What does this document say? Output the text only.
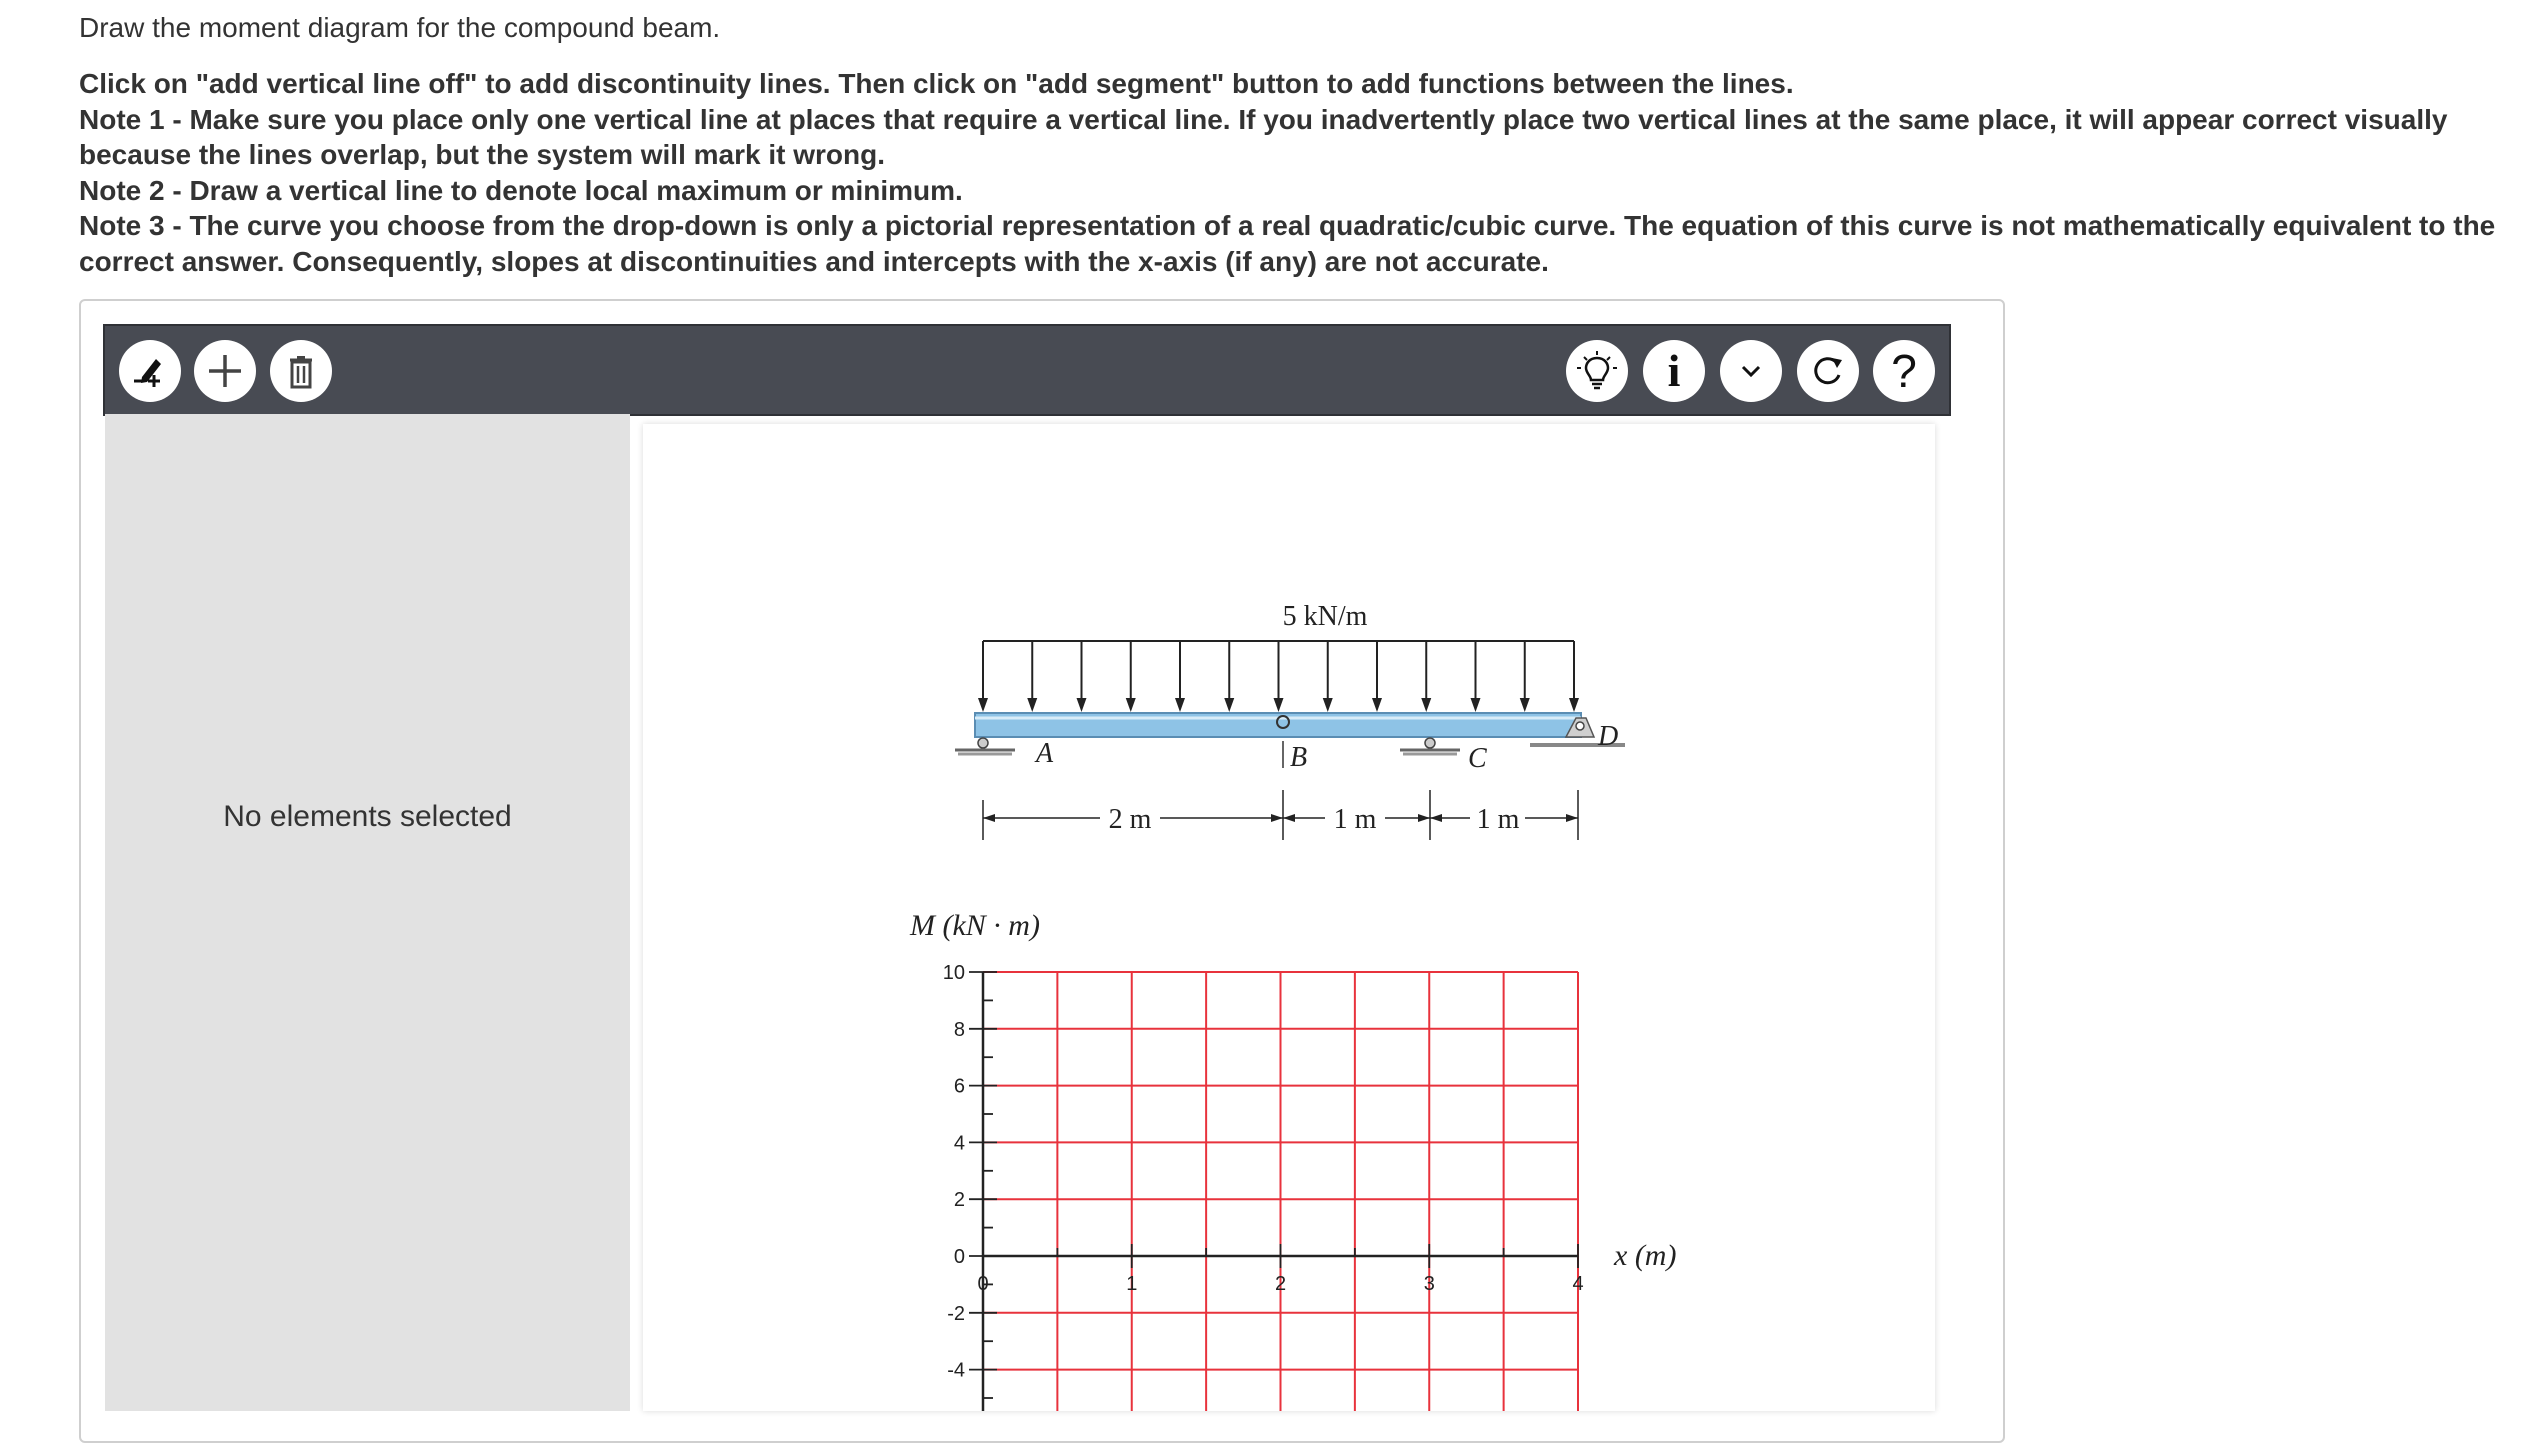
Draw the moment diagram for the compound beam.

Click on "add vertical line off" to add discontinuity lines. Then click on "add segment" button to add functions between the lines.

Note 1 - Make sure you place only one vertical line at places that require a vertical line. If you inadvertently place two vertical lines at the same place, it will appear correct visually because the lines overlap, but the system will mark it wrong.

Note 2 - Draw a vertical line to denote local maximum or minimum.

Note 3 - The curve you choose from the drop-down is only a pictorial representation of a real quadratic/cubic curve. The equation of this curve is not mathematically equivalent to the correct answer. Consequently, slopes at discontinuities and intercepts with the x-axis (if any) are not accurate.

i	?
No elements selected
5 kN/m
A	B	C
D
2 m	1 m	1 m
M (kN · m)
x (m)
10
8
6
4
2
0
-2
-4
0	1	2	3	4
